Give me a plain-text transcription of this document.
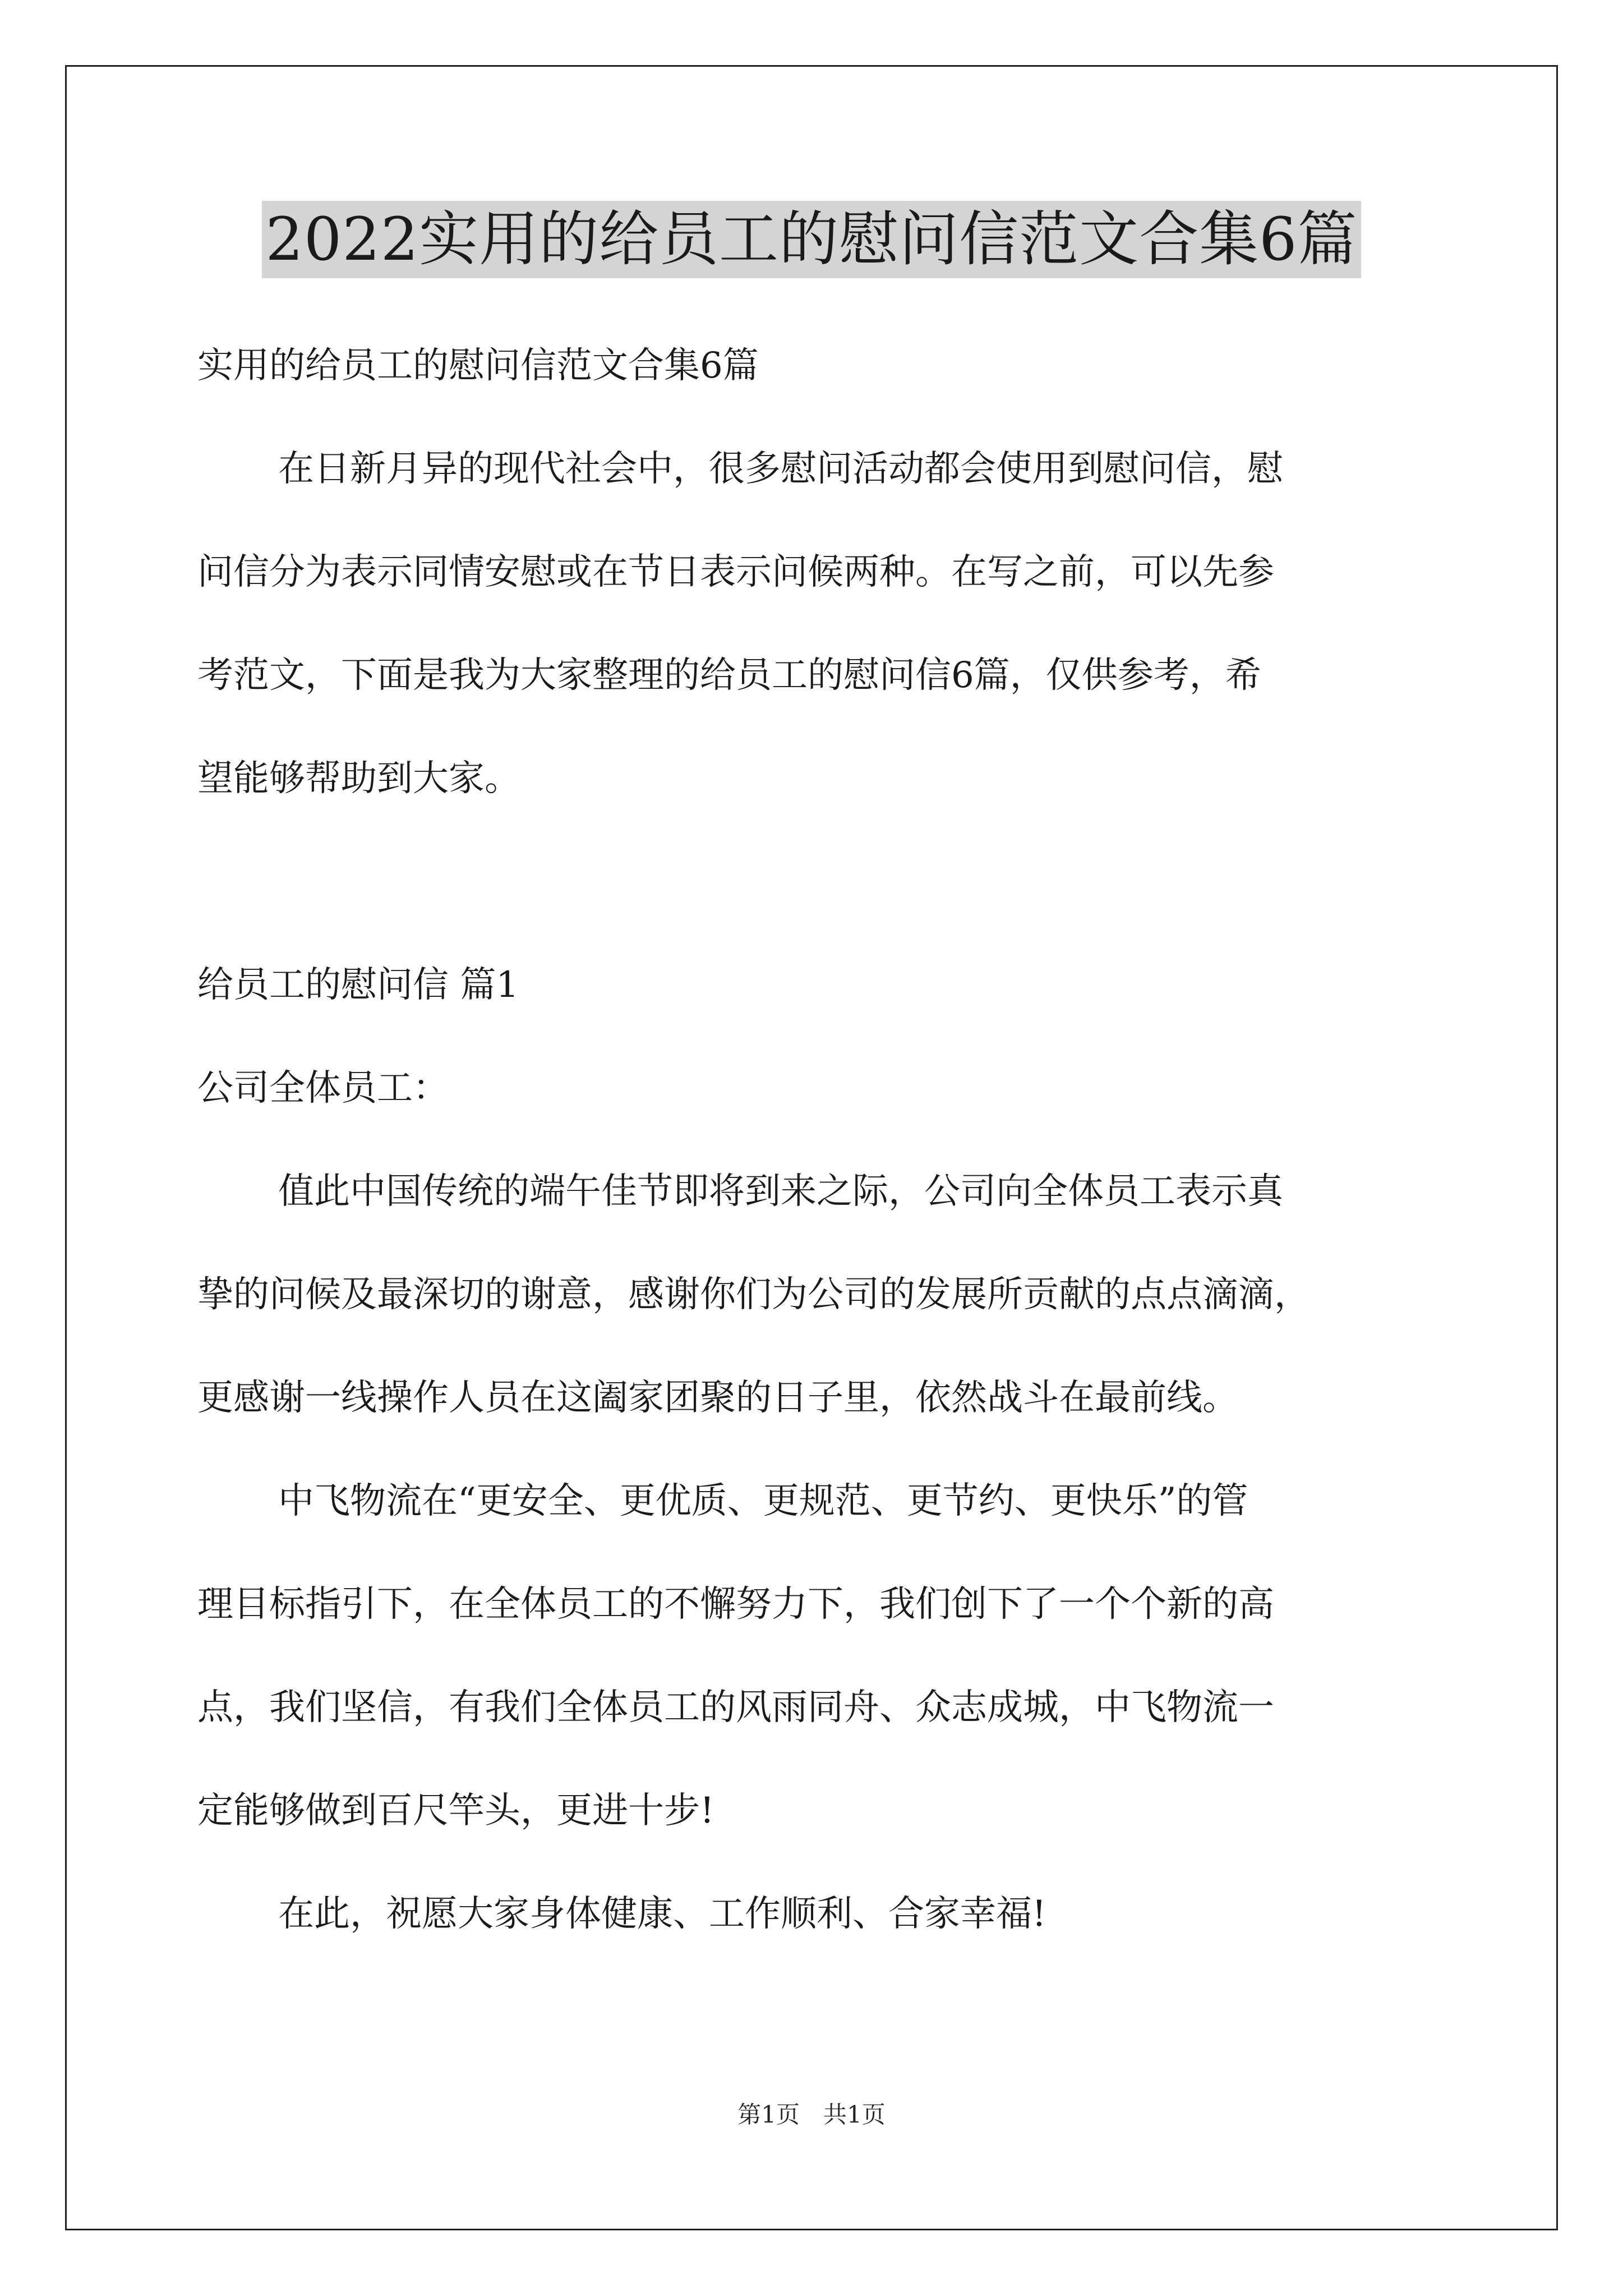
2022实用的给员工的慰问信范文合集6篇

实用的给员工的慰问信范文合集6篇

在日新月异的现代社会中，很多慰问活动都会使用到慰问信，慰

问信分为表示同情安慰或在节日表示问候两种。在写之前，可以先参

考范文，下面是我为大家整理的给员工的慰问信6篇，仅供参考，希

望能够帮助到大家。

给员工的慰问信 篇1

公司全体员工：

值此中国传统的端午佳节即将到来之际，公司向全体员工表示真

挚的问候及最深切的谢意，感谢你们为公司的发展所贡献的点点滴滴，

更感谢一线操作人员在这阖家团聚的日子里，依然战斗在最前线。

中飞物流在“更安全、更优质、更规范、更节约、更快乐”的管

理目标指引下，在全体员工的不懈努力下，我们创下了一个个新的高

点，我们坚信，有我们全体员工的风雨同舟、众志成城，中飞物流一

定能够做到百尺竿头，更进十步!

在此，祝愿大家身体健康、工作顺利、合家幸福!

第1页　共1页
